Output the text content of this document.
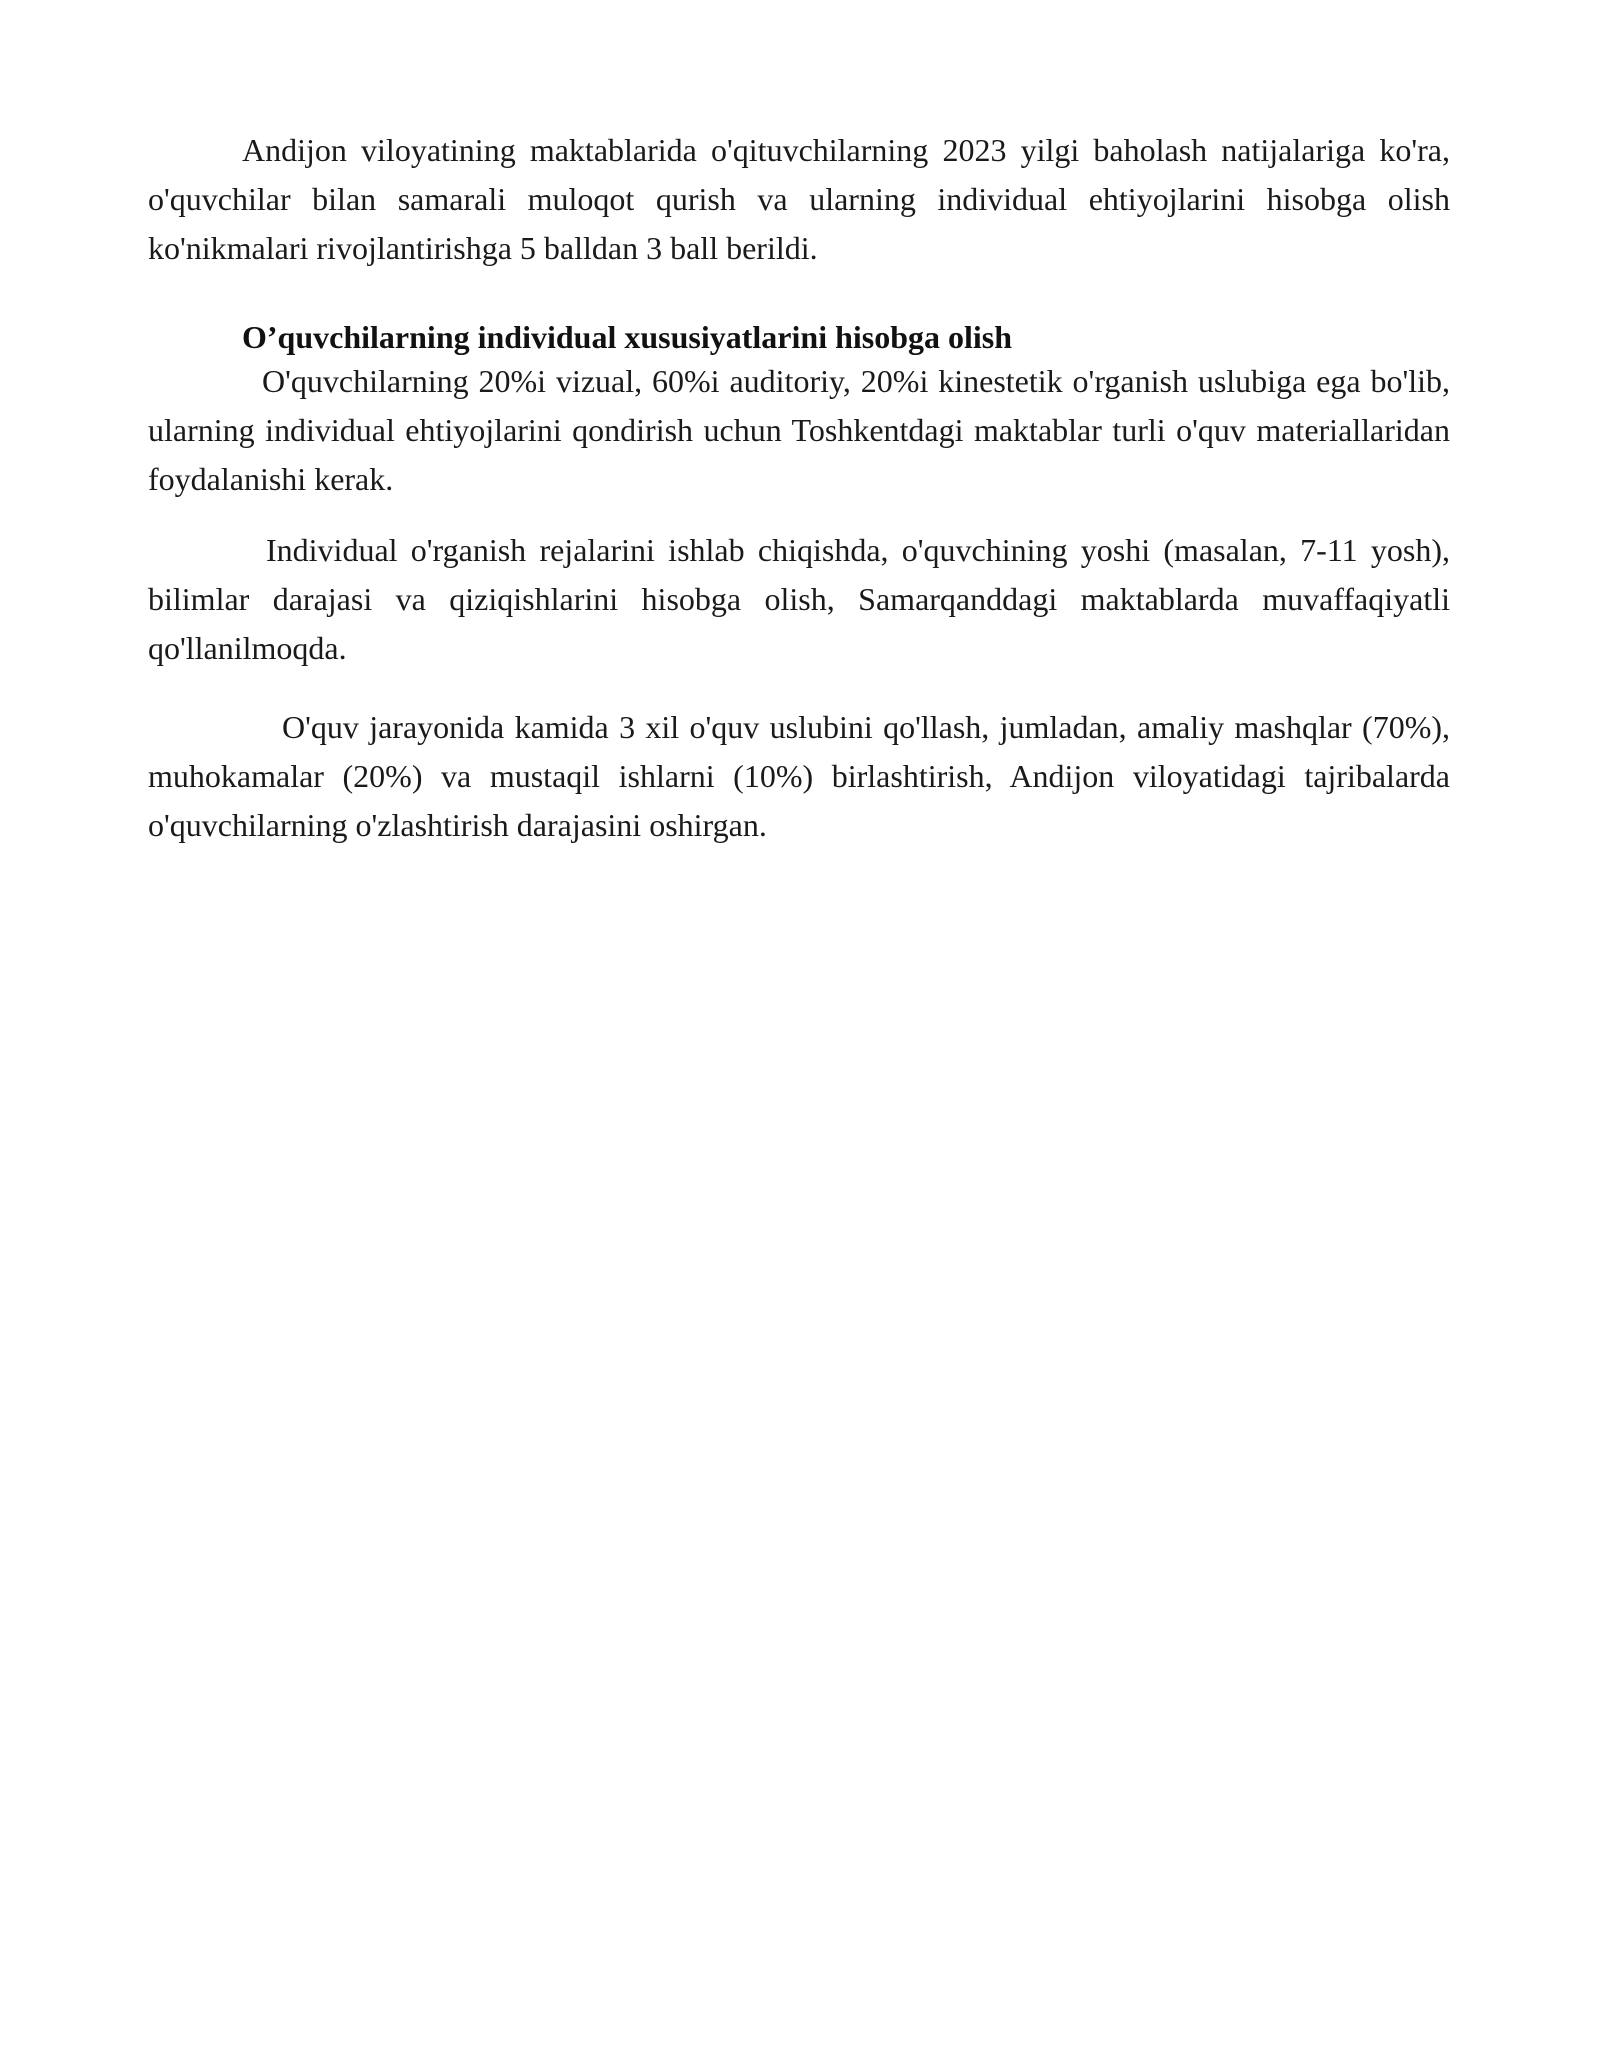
Andijon viloyatining maktablarida o'qituvchilarning 2023 yilgi baholash natijalariga ko'ra, o'quvchilar bilan samarali muloqot qurish va ularning individual ehtiyojlarini hisobga olish ko'nikmalari rivojlantirishga 5 balldan 3 ball berildi.

O’quvchilarning individual xususiyatlarini hisobga olish

O'quvchilarning 20%i vizual, 60%i auditoriy, 20%i kinestetik o'rganish uslubiga ega bo'lib, ularning individual ehtiyojlarini qondirish uchun Toshkentdagi maktablar turli o'quv materiallaridan foydalanishi kerak.

Individual o'rganish rejalarini ishlab chiqishda, o'quvchining yoshi (masalan, 7-11 yosh), bilimlar darajasi va qiziqishlarini hisobga olish, Samarqanddagi maktablarda muvaffaqiyatli qo'llanilmoqda.

O'quv jarayonida kamida 3 xil o'quv uslubini qo'llash, jumladan, amaliy mashqlar (70%), muhokamalar (20%) va mustaqil ishlarni (10%) birlashtirish, Andijon viloyatidagi tajribalarda o'quvchilarning o'zlashtirish darajasini oshirgan.
